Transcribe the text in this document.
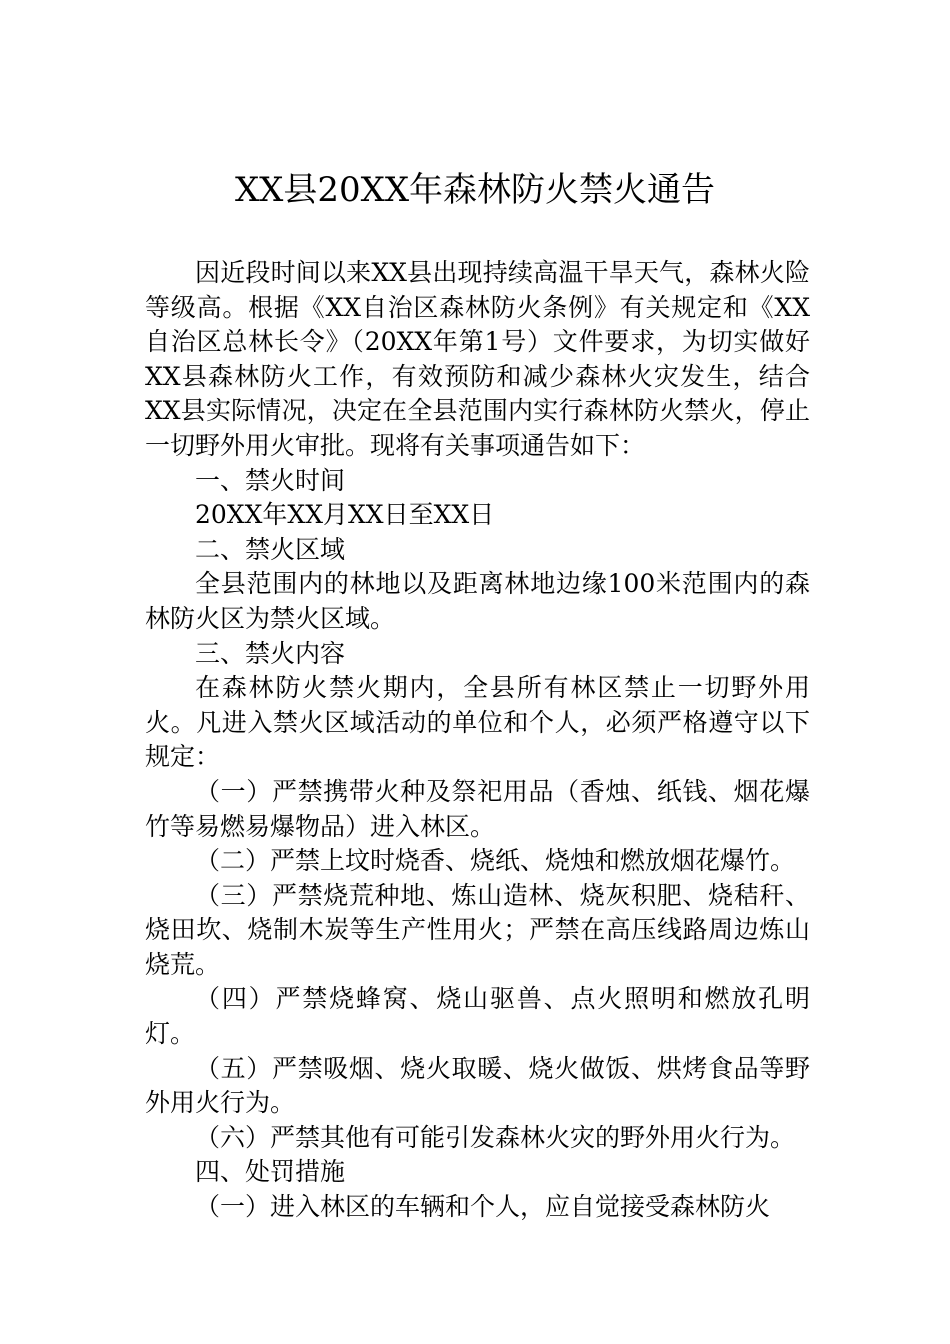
XX县20XX年森林防火禁火通告

因近段时间以来XX县出现持续高温干旱天气，森林火险等级高。根据《XX自治区森林防火条例》有关规定和《XX自治区总林长令》（20XX年第1号）文件要求，为切实做好XX县森林防火工作，有效预防和减少森林火灾发生，结合XX县实际情况，决定在全县范围内实行森林防火禁火，停止一切野外用火审批。现将有关事项通告如下：

一、禁火时间

20XX年XX月XX日至XX日

二、禁火区域

全县范围内的林地以及距离林地边缘100米范围内的森林防火区为禁火区域。

三、禁火内容

在森林防火禁火期内，全县所有林区禁止一切野外用火。凡进入禁火区域活动的单位和个人，必须严格遵守以下规定：

（一）严禁携带火种及祭祀用品（香烛、纸钱、烟花爆竹等易燃易爆物品）进入林区。

（二）严禁上坟时烧香、烧纸、烧烛和燃放烟花爆竹。

（三）严禁烧荒种地、炼山造林、烧灰积肥、烧秸秆、烧田坎、烧制木炭等生产性用火；严禁在高压线路周边炼山烧荒。

（四）严禁烧蜂窝、烧山驱兽、点火照明和燃放孔明灯。

（五）严禁吸烟、烧火取暖、烧火做饭、烘烤食品等野外用火行为。

（六）严禁其他有可能引发森林火灾的野外用火行为。

四、处罚措施

（一）进入林区的车辆和个人，应自觉接受森林防火
